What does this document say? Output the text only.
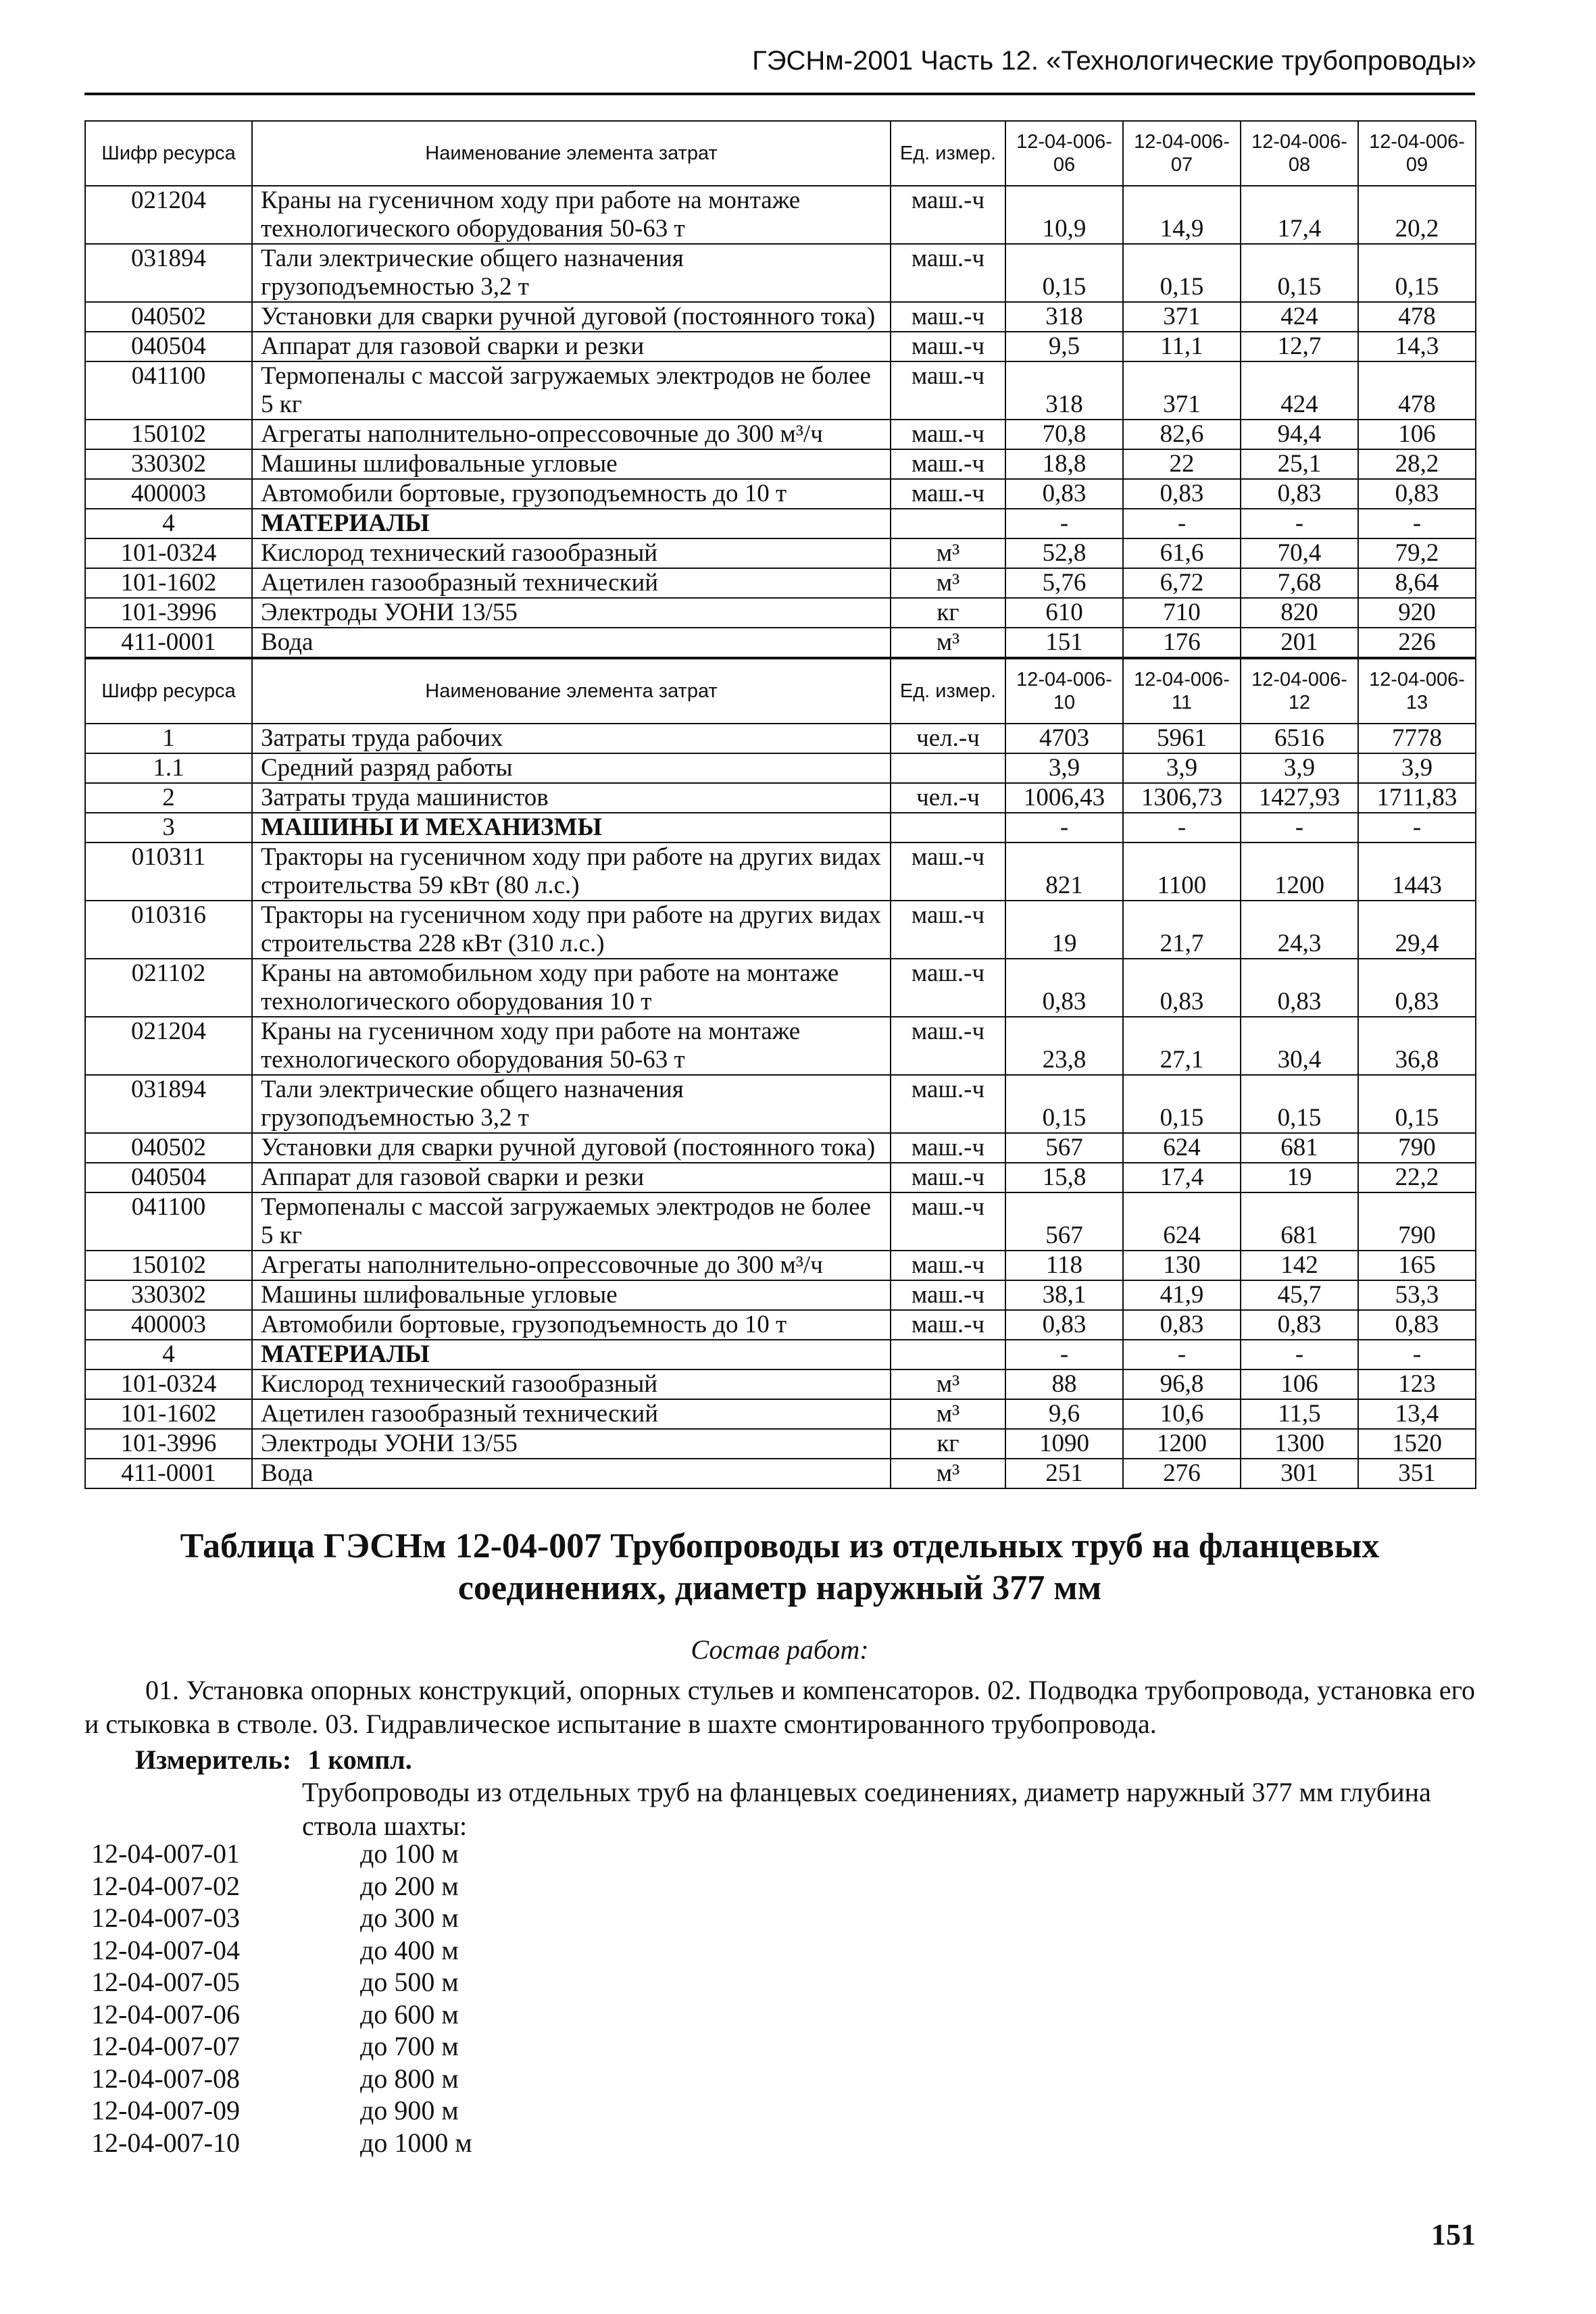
ГЭСНм-2001 Часть 12. «Технологические трубопроводы»
Шифр ресурса	Наименование элемента затрат	Ед. измер.	12-04-006-06	12-04-006-07	12-04-006-08	12-04-006-09
021204	Краны на гусеничном ходу при работе на монтаже технологического оборудования 50-63 т	маш.-ч	10,9	14,9	17,4	20,2
031894	Тали электрические общего назначения грузоподъемностью 3,2 т	маш.-ч	0,15	0,15	0,15	0,15
040502	Установки для сварки ручной дуговой (постоянного тока)	маш.-ч	318	371	424	478
040504	Аппарат для газовой сварки и резки	маш.-ч	9,5	11,1	12,7	14,3
041100	Термопеналы с массой загружаемых электродов не более 5 кг	маш.-ч	318	371	424	478
150102	Агрегаты наполнительно-опрессовочные до 300 м³/ч	маш.-ч	70,8	82,6	94,4	106
330302	Машины шлифовальные угловые	маш.-ч	18,8	22	25,1	28,2
400003	Автомобили бортовые, грузоподъемность до 10 т	маш.-ч	0,83	0,83	0,83	0,83
4	МАТЕРИАЛЫ		-	-	-	-
101-0324	Кислород технический газообразный	м³	52,8	61,6	70,4	79,2
101-1602	Ацетилен газообразный технический	м³	5,76	6,72	7,68	8,64
101-3996	Электроды УОНИ 13/55	кг	610	710	820	920
411-0001	Вода	м³	151	176	201	226
Шифр ресурса	Наименование элемента затрат	Ед. измер.	12-04-006-10	12-04-006-11	12-04-006-12	12-04-006-13
1	Затраты труда рабочих	чел.-ч	4703	5961	6516	7778
1.1	Средний разряд работы		3,9	3,9	3,9	3,9
2	Затраты труда машинистов	чел.-ч	1006,43	1306,73	1427,93	1711,83
3	МАШИНЫ И МЕХАНИЗМЫ		-	-	-	-
010311	Тракторы на гусеничном ходу при работе на других видах строительства 59 кВт (80 л.с.)	маш.-ч	821	1100	1200	1443
010316	Тракторы на гусеничном ходу при работе на других видах строительства 228 кВт (310 л.с.)	маш.-ч	19	21,7	24,3	29,4
021102	Краны на автомобильном ходу при работе на монтаже технологического оборудования 10 т	маш.-ч	0,83	0,83	0,83	0,83
021204	Краны на гусеничном ходу при работе на монтаже технологического оборудования 50-63 т	маш.-ч	23,8	27,1	30,4	36,8
031894	Тали электрические общего назначения грузоподъемностью 3,2 т	маш.-ч	0,15	0,15	0,15	0,15
040502	Установки для сварки ручной дуговой (постоянного тока)	маш.-ч	567	624	681	790
040504	Аппарат для газовой сварки и резки	маш.-ч	15,8	17,4	19	22,2
041100	Термопеналы с массой загружаемых электродов не более 5 кг	маш.-ч	567	624	681	790
150102	Агрегаты наполнительно-опрессовочные до 300 м³/ч	маш.-ч	118	130	142	165
330302	Машины шлифовальные угловые	маш.-ч	38,1	41,9	45,7	53,3
400003	Автомобили бортовые, грузоподъемность до 10 т	маш.-ч	0,83	0,83	0,83	0,83
4	МАТЕРИАЛЫ		-	-	-	-
101-0324	Кислород технический газообразный	м³	88	96,8	106	123
101-1602	Ацетилен газообразный технический	м³	9,6	10,6	11,5	13,4
101-3996	Электроды УОНИ 13/55	кг	1090	1200	1300	1520
411-0001	Вода	м³	251	276	301	351
Таблица ГЭСНм 12-04-007 Трубопроводы из отдельных труб на фланцевых соединениях, диаметр наружный 377 мм
Состав работ:
01. Установка опорных конструкций, опорных стульев и компенсаторов. 02. Подводка трубопровода, установка его и стыковка в стволе. 03. Гидравлическое испытание в шахте смонтированного трубопровода.
Измеритель: 1 компл.
Трубопроводы из отдельных труб на фланцевых соединениях, диаметр наружный 377 мм глубина ствола шахты:
12-04-007-01	до 100 м
12-04-007-02	до 200 м
12-04-007-03	до 300 м
12-04-007-04	до 400 м
12-04-007-05	до 500 м
12-04-007-06	до 600 м
12-04-007-07	до 700 м
12-04-007-08	до 800 м
12-04-007-09	до 900 м
12-04-007-10	до 1000 м
151
